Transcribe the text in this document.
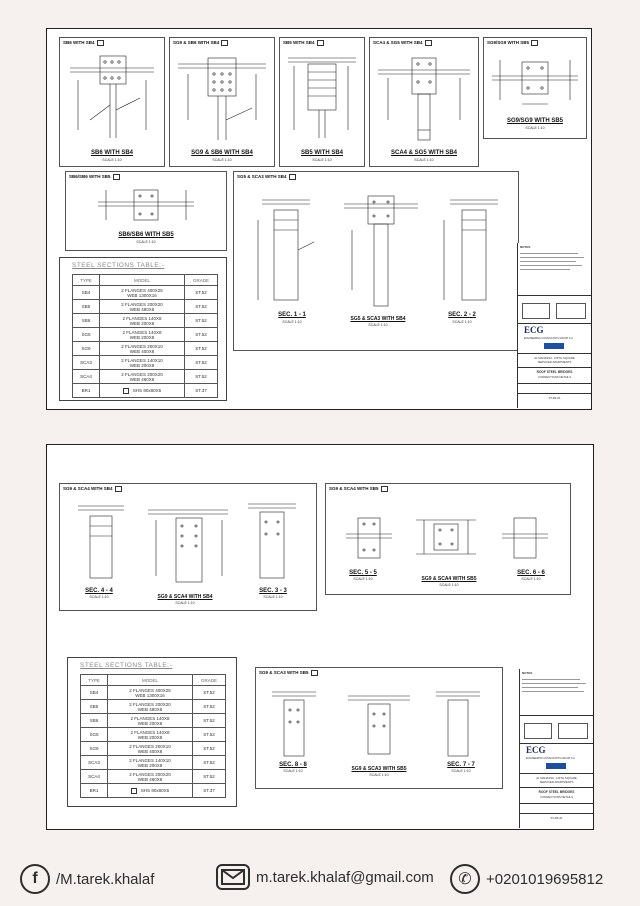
SB6 WITH SB4
SB6 WITH SB4
SCALE 1:10
SG9 & SB6 WITH SB4
SG9 & SB6 WITH SB4
SCALE 1:10
SB5 WITH SB4
SB5 WITH SB4
SCALE 1:10
SCA4 & SG5 WITH SB4
SCA4 & SG5 WITH SB4
SCALE 1:10
SG9/SG9 WITH SB5
SG9/SG9 WITH SB5
SCALE 1:10
SB6/SB6 WITH SB5
SB6/SB6 WITH SB5
SCALE 1:10
SG5 & SCA3 WITH SB4
SEC. 1 - 1
SCALE 1:10	SG5 & SCA3 WITH SB4
SCALE 1:10
SEC. 2 - 2
SCALE 1:10
STEEL SECTIONS TABLE:-
TYPE	MODEL	GRADE
SB4	2 FLANGES 400X25
WEB 1300X16	ST.52
SB5	2 FLANGES 200X20
WEB 480X8	ST.52
SB6	2 FLANGES 140X8
WEB 200X8	ST.52
SG5	2 FLANGES 140X8
WEB 200X8	ST.52
SG9	2 FLANGES 200X10
WEB 400X8	ST.52
SCA3	2 FLANGES 140X10
WEB 200X8	ST.52
SCA4	2 FLANGES 200X20
WEB 460X8	ST.52
BR1	SHS 80x80X5	ST.37
NOTES
ECG
ENGINEERING CONSULTANTS GROUP S.A.
AL MANASSA - FIFTH SQUARE
SERVICED APARTMENTS
ROOF STEEL BRIDGES
CONNECTIONS DETAILS
ST-RF-01
SG9 & SCA4 WITH SB4
SEC. 4 - 4
SCALE 1:10	SG9 & SCA4 WITH SB4
SCALE 1:10
SEC. 3 - 3
SCALE 1:10
SG9 & SCA4 WITH SB5
SEC. 5 - 5
SCALE 1:10	SG9 & SCA4 WITH SB5
SCALE 1:10
SEC. 6 - 6
SCALE 1:10
STEEL SECTIONS TABLE:-
TYPE	MODEL	GRADE
SB4	2 FLANGES 400X25
WEB 1300X16	ST.52
SB5	2 FLANGES 200X20
WEB 480X8	ST.52
SB6	2 FLANGES 140X8
WEB 200X8	ST.52
SG5	2 FLANGES 140X8
WEB 200X8	ST.52
SG9	2 FLANGES 200X10
WEB 400X8	ST.52
SCA3	2 FLANGES 140X10
WEB 200X8	ST.52
SCA4	2 FLANGES 200X20
WEB 460X8	ST.52
BR1	SHS 80x80X5	ST.37
SG9 & SCA3 WITH SB5
SEC. 8 - 8
SCALE 1:10	SG9 & SCA3 WITH SB5
SCALE 1:10
SEC. 7 - 7
SCALE 1:10
NOTES
ECG
ENGINEERING CONSULTANTS GROUP S.A.
AL MANASSA - FIFTH SQUARE
SERVICED APARTMENTS
ROOF STEEL BRIDGES
CONNECTIONS DETAILS
ST-RF-01
f /M.tarek.khalaf	m.tarek.khalaf@gmail.com ✆ +0201019695812
